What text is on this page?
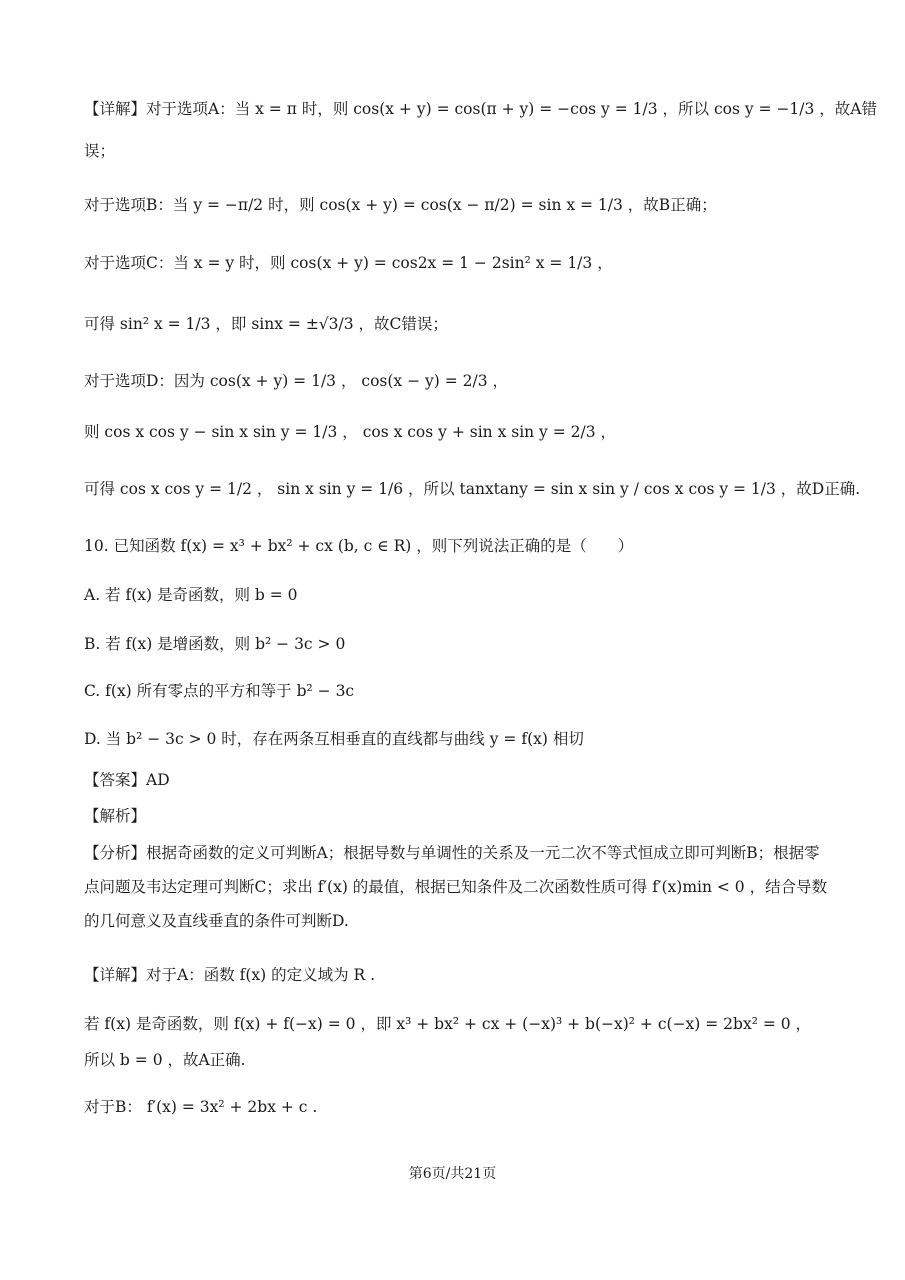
【详解】对于选项A：当 x = π 时，则 cos(x + y) = cos(π + y) = −cos y = 1/3 ，所以 cos y = −1/3 ，故A错
误；
对于选项B：当 y = −π/2 时，则 cos(x + y) = cos(x − π/2) = sin x = 1/3 ，故B正确；
对于选项C：当 x = y 时，则 cos(x + y) = cos2x = 1 − 2sin² x = 1/3 ，
可得 sin² x = 1/3 ，即 sinx = ±√3/3 ，故C错误；
对于选项D：因为 cos(x + y) = 1/3 ， cos(x − y) = 2/3 ，
则 cos x cos y − sin x sin y = 1/3 ， cos x cos y + sin x sin y = 2/3 ，
可得 cos x cos y = 1/2 ， sin x sin y = 1/6 ，所以 tanxtany = sin x sin y / cos x cos y = 1/3 ，故D正确.
10. 已知函数 f(x) = x³ + bx² + cx (b, c ∈ R) ，则下列说法正确的是（　　）
A. 若 f(x) 是奇函数，则 b = 0
B. 若 f(x) 是增函数，则 b² − 3c > 0
C. f(x) 所有零点的平方和等于 b² − 3c
D. 当 b² − 3c > 0 时，存在两条互相垂直的直线都与曲线 y = f(x) 相切
【答案】AD
【解析】
【分析】根据奇函数的定义可判断A；根据导数与单调性的关系及一元二次不等式恒成立即可判断B；根据零点问题及韦达定理可判断C；求出 f′(x) 的最值，根据已知条件及二次函数性质可得 f′(x)min < 0 ，结合导数的几何意义及直线垂直的条件可判断D.
【详解】对于A：函数 f(x) 的定义域为 R .
若 f(x) 是奇函数，则 f(x) + f(−x) = 0 ，即 x³ + bx² + cx + (−x)³ + b(−x)² + c(−x) = 2bx² = 0 ，
所以 b = 0 ，故A正确.
对于B： f′(x) = 3x² + 2bx + c .
第6页/共21页
